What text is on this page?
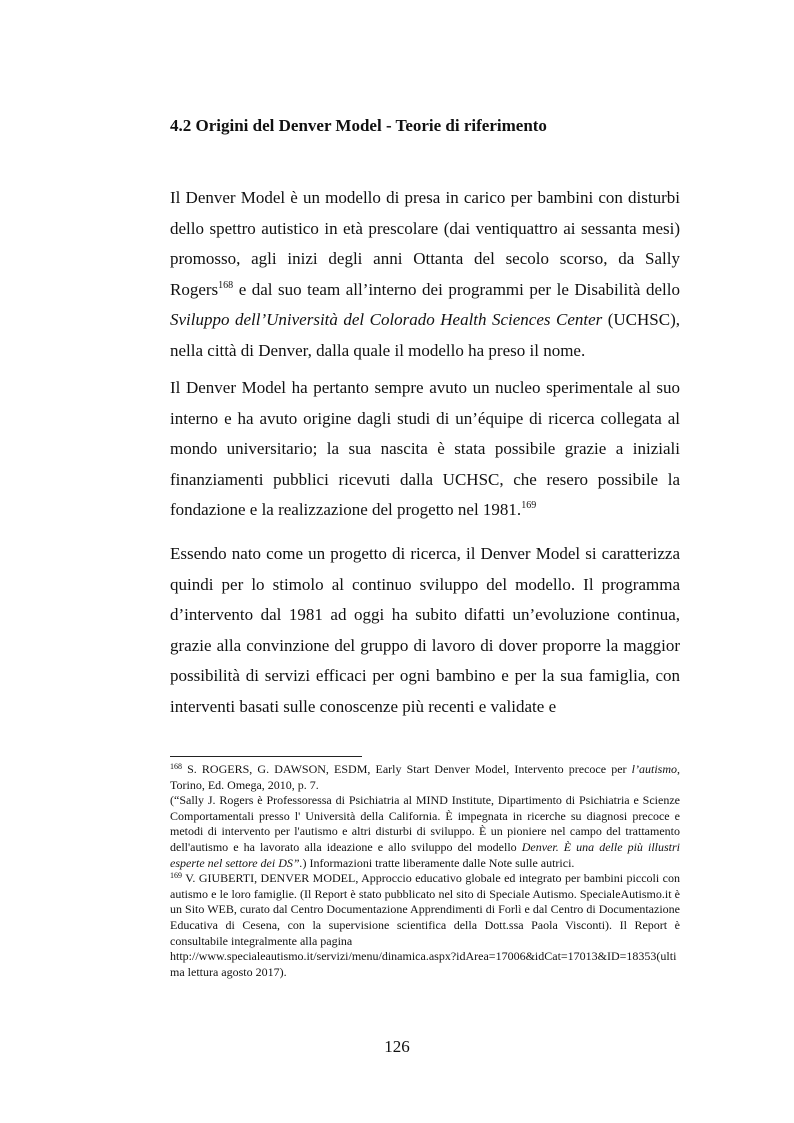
4.2 Origini del Denver Model - Teorie di riferimento

Il Denver Model è un modello di presa in carico per bambini con disturbi dello spettro autistico in età prescolare (dai ventiquattro ai sessanta mesi) promosso, agli inizi degli anni Ottanta del secolo scorso, da Sally Rogers$^{168}$ e dal suo team all’interno dei programmi per le Disabilità dello Sviluppo dell’Università del Colorado Health Sciences Center (UCHSC), nella città di Denver, dalla quale il modello ha preso il nome.

Il Denver Model ha pertanto sempre avuto un nucleo sperimentale al suo interno e ha avuto origine dagli studi di un’équipe di ricerca collegata al mondo universitario; la sua nascita è stata possibile grazie a iniziali finanziamenti pubblici ricevuti dalla UCHSC, che resero possibile la fondazione e la realizzazione del progetto nel 1981.$^{169}$

Essendo nato come un progetto di ricerca, il Denver Model si caratterizza quindi per lo stimolo al continuo sviluppo del modello. Il programma d’intervento dal 1981 ad oggi ha subito difatti un’evoluzione continua, grazie alla convinzione del gruppo di lavoro di dover proporre la maggior possibilità di servizi efficaci per ogni bambino e per la sua famiglia, con interventi basati sulle conoscenze più recenti e validate e

$^{168}$ S. ROGERS, G. DAWSON, ESDM, Early Start Denver Model, Intervento precoce per l’autismo, Torino, Ed. Omega, 2010, p. 7.

(“Sally J. Rogers è Professoressa di Psichiatria al MIND Institute, Dipartimento di Psichiatria e Scienze Comportamentali presso l' Università della California. È impegnata in ricerche su diagnosi precoce e metodi di intervento per l'autismo e altri disturbi di sviluppo. È un pioniere nel campo del trattamento dell'autismo e ha lavorato alla ideazione e allo sviluppo del modello Denver. È una delle più illustri esperte nel settore dei DS”.) Informazioni tratte liberamente dalle Note sulle autrici.

$^{169}$ V. GIUBERTI, DENVER MODEL, Approccio educativo globale ed integrato per bambini piccoli con autismo e le loro famiglie. (Il Report è stato pubblicato nel sito di Speciale Autismo. SpecialeAutismo.it è un Sito WEB, curato dal Centro Documentazione Apprendimenti di Forlì e dal Centro di Documentazione Educativa di Cesena, con la supervisione scientifica della Dott.ssa Paola Visconti). Il Report è consultabile integralmente alla pagina

http://www.specialeautismo.it/servizi/menu/dinamica.aspx?idArea=17006&idCat=17013&ID=18353(ultima lettura agosto 2017).

126
